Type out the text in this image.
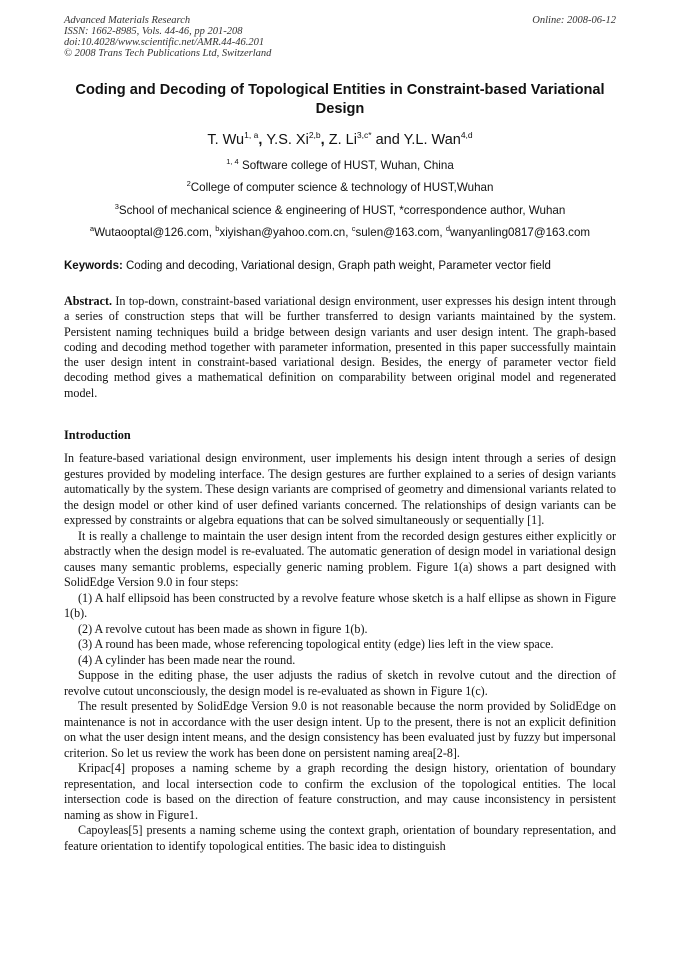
Advanced Materials Research
ISSN: 1662-8985, Vols. 44-46, pp 201-208
doi:10.4028/www.scientific.net/AMR.44-46.201
© 2008 Trans Tech Publications Ltd, Switzerland
Online: 2008-06-12
Coding and Decoding of Topological Entities in Constraint-based Variational Design
T. Wu$^{1, a}$, Y.S. Xi$^{2,b}$, Z. $Li^{3,c*}$ and Y.L. Wan$^{4,d}$
$^{1, 4}$ Software college of HUST, Wuhan, China
$^2$College of computer science & technology of HUST,Wuhan
$^3$School of mechanical science & engineering of HUST, *correspondence author, Wuhan
$^a$Wutaooptal@126.com, $^b$xiyishan@yahoo.com.cn, $^c$sulen@163.com, $^d$wanyanling0817@163.com
Keywords: Coding and decoding, Variational design, Graph path weight, Parameter vector field
Abstract. In top-down, constraint-based variational design environment, user expresses his design intent through a series of construction steps that will be further transferred to design variants maintained by the system. Persistent naming techniques build a bridge between design variants and user design intent. The graph-based coding and decoding method together with parameter information, presented in this paper successfully maintain the user design intent in constraint-based variational design. Besides, the energy of parameter vector field decoding method gives a mathematical definition on comparability between original model and regenerated model.
Introduction

In feature-based variational design environment, user implements his design intent through a series of design gestures provided by modeling interface. The design gestures are further explained to a series of design variants automatically by the system. These design variants are comprised of geometry and dimensional variants related to the design model or other kind of user defined variants concerned. The relationships of design variants can be expressed by constraints or algebra equations that can be solved simultaneously or sequentially [1].

It is really a challenge to maintain the user design intent from the recorded design gestures either explicitly or abstractly when the design model is re-evaluated. The automatic generation of design model in variational design causes many semantic problems, especially generic naming problem. Figure 1(a) shows a part designed with SolidEdge Version 9.0 in four steps:

(1) A half ellipsoid has been constructed by a revolve feature whose sketch is a half ellipse as shown in Figure 1(b).

(2) A revolve cutout has been made as shown in figure 1(b).

(3) A round has been made, whose referencing topological entity (edge) lies left in the view space.

(4) A cylinder has been made near the round.

Suppose in the editing phase, the user adjusts the radius of sketch in revolve cutout and the direction of revolve cutout unconsciously, the design model is re-evaluated as shown in Figure 1(c).

The result presented by SolidEdge Version 9.0 is not reasonable because the norm provided by SolidEdge on maintenance is not in accordance with the user design intent. Up to the present, there is not an explicit definition on what the user design intent means, and the design consistency has been evaluated just by fuzzy but impersonal criterion. So let us review the work has been done on persistent naming area[2-8].

Kripac[4] proposes a naming scheme by a graph recording the design history, orientation of boundary representation, and local intersection code to confirm the exclusion of the topological entities. The local intersection code is based on the direction of feature construction, and may cause inconsistency in persistent naming as show in Figure1.

Capoyleas[5] presents a naming scheme using the context graph, orientation of boundary representation, and feature orientation to identify topological entities. The basic idea to distinguish
